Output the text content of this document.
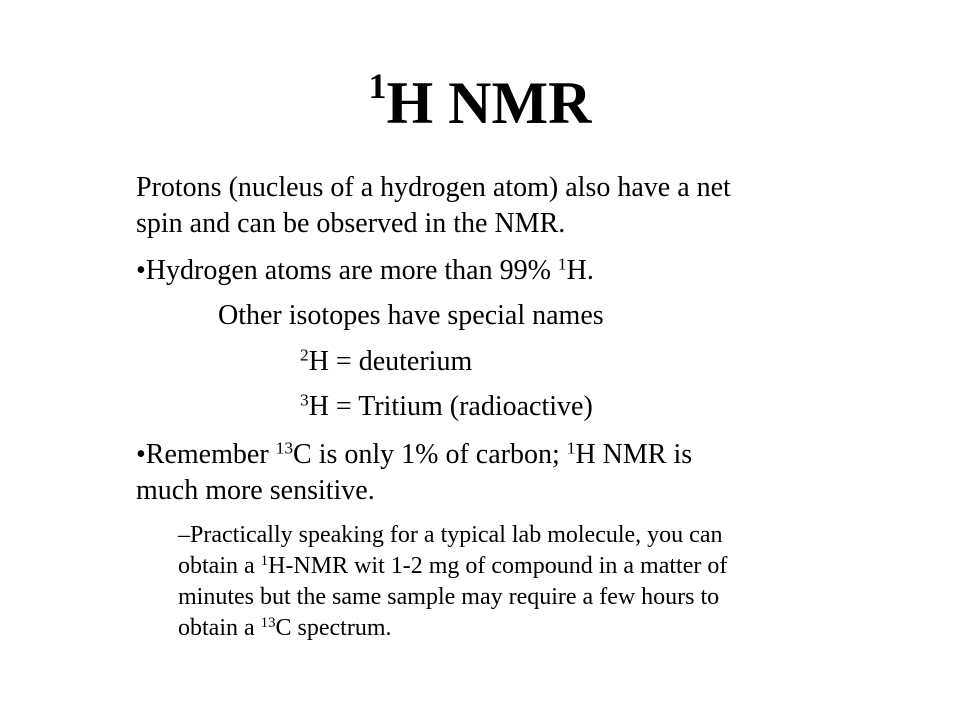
$^1$H NMR
Protons (nucleus of a hydrogen atom) also have a net
spin and can be observed in the NMR.
•Hydrogen atoms are more than 99% $^1$H.
Other isotopes have special names
$^2$H = deuterium
$^3$H = Tritium (radioactive)
•Remember $^{13}$C is only 1% of carbon; $^1$H NMR is
much more sensitive.
–Practically speaking for a typical lab molecule, you can
obtain a $^1$H-NMR wit 1-2 mg of compound in a matter of
minutes but the same sample may require a few hours to
obtain a $^{13}$C spectrum.
